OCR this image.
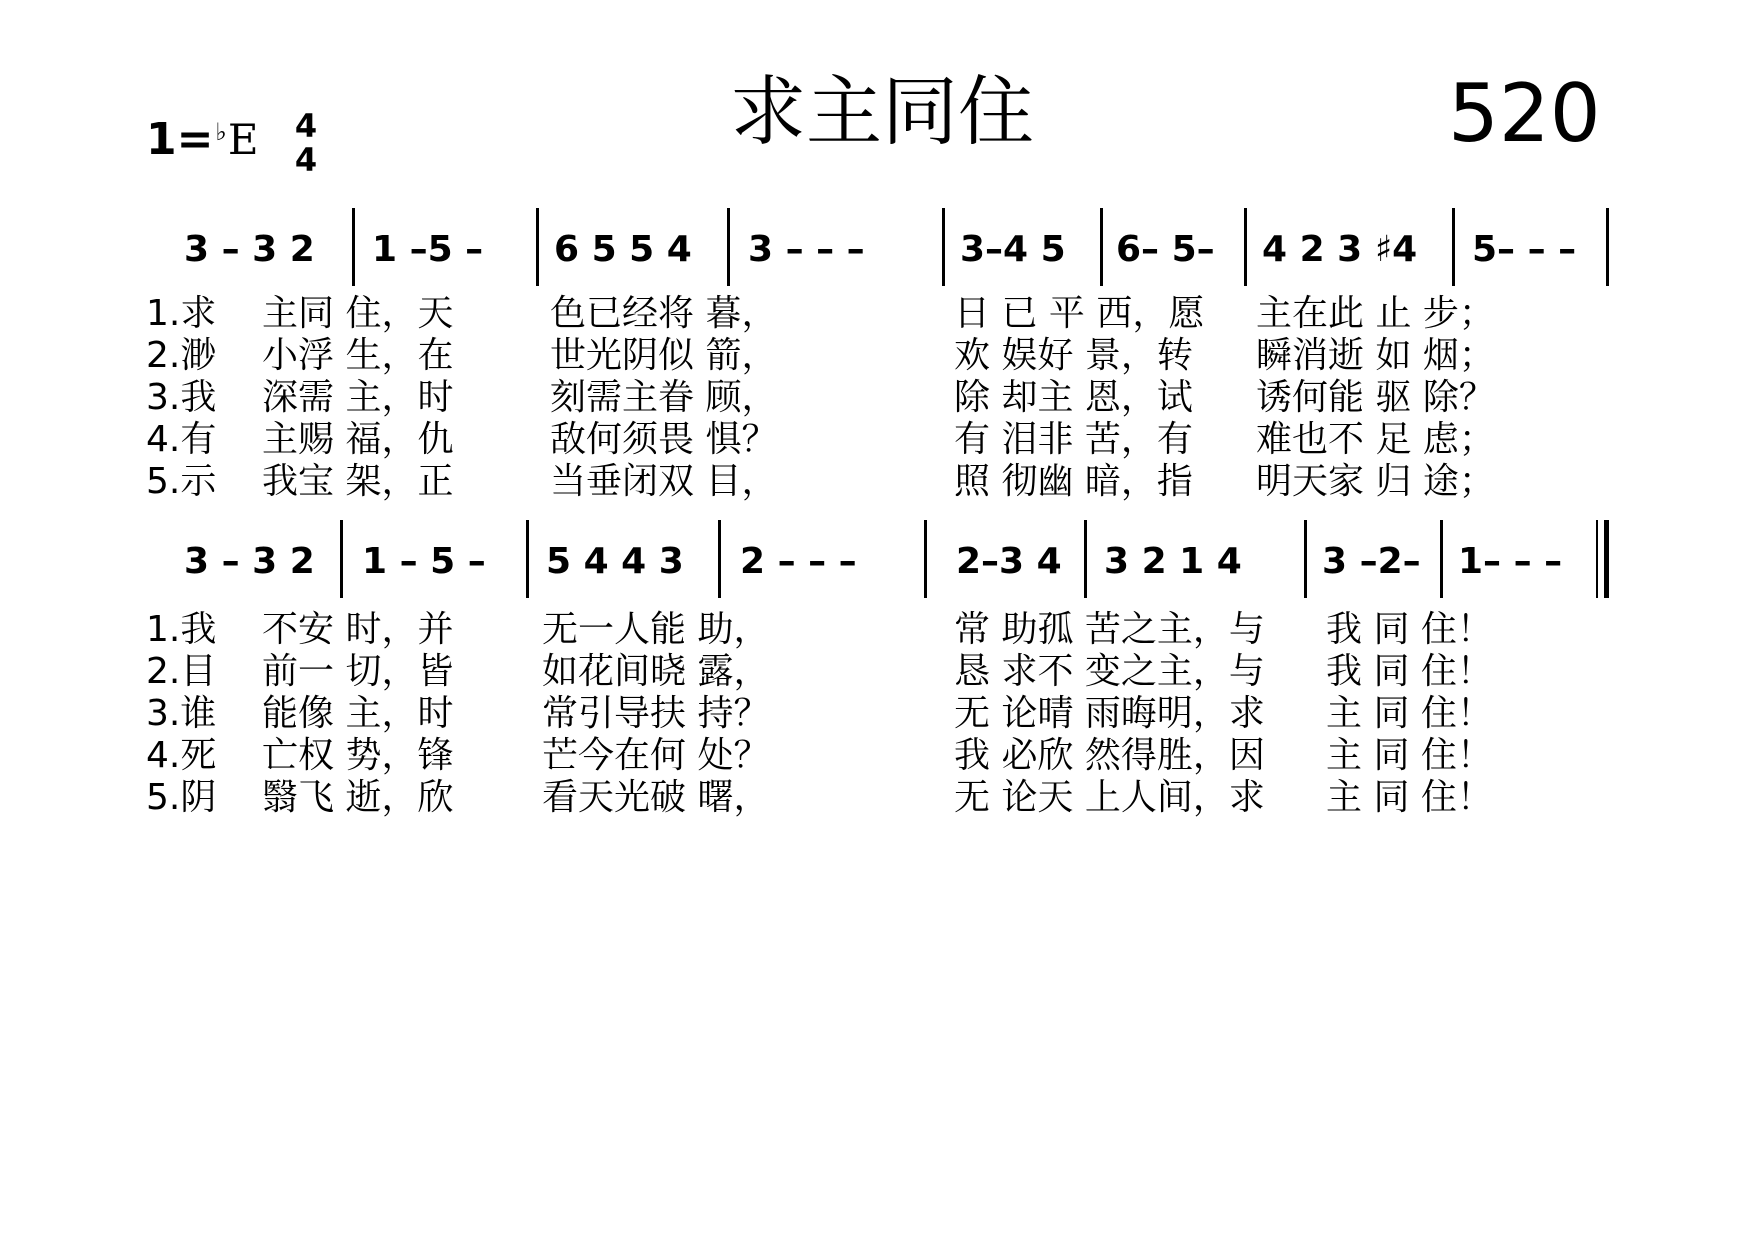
1=♭E 4
4
求主同住	520
3 – 3 2 1 –5 – 6 5 5 4 3 – – –	3–4 5 6– 5– 4 2 3 ♯4 5– – –
1.求 主同 住，天	色已经将 暮，	日 已 平 西，愿 主在此 止 步；
2.渺 小浮 生，在	世光阴似 箭，	欢 娱好 景，转 瞬消逝 如 烟；
3.我 深需 主，时	刻需主眷 顾，	除 却主 恩，试 诱何能 驱 除？
4.有 主赐 福，仇	敌何须畏 惧？	有 泪非 苦，有 难也不 足 虑；
5.示 我宝 架，正	当垂闭双 目，	照 彻幽 暗，指 明天家 归 途；
3 – 3 2 1 – 5 – 5 4 4 3 2 – – –	2–3 4 3 2 1 4 3 –2– 1– – –
1.我 不安 时，并 无一人能 助，	常 助孤 苦之主，与 我 同 住！
2.目 前一 切，皆 如花间晓 露，	恳 求不 变之主，与 我 同 住！
3.谁 能像 主，时 常引导扶 持？	无 论晴 雨晦明，求 主 同 住！
4.死 亡权 势，锋 芒今在何 处？	我 必欣 然得胜，因 主 同 住！
5.阴 翳飞 逝，欣 看天光破 曙，	无 论天 上人间，求 主 同 住！
